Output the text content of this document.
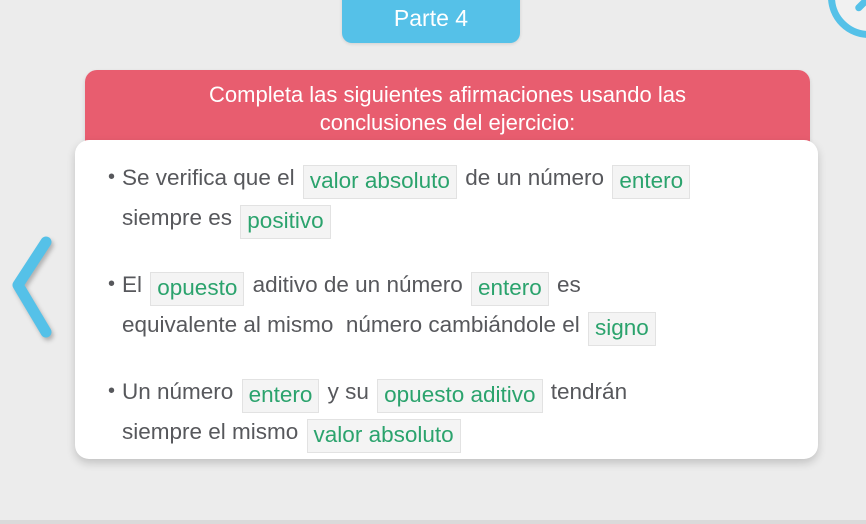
Parte 4
Completa las siguientes afirmaciones usando las
conclusiones del ejercicio:
• Se verifica que el valor absoluto de un número entero
siempre es positivo
• El opuesto aditivo de un número entero es
equivalente al mismo  número cambiándole el signo
• Un número entero y su opuesto aditivo tendrán
siempre el mismo valor absoluto
